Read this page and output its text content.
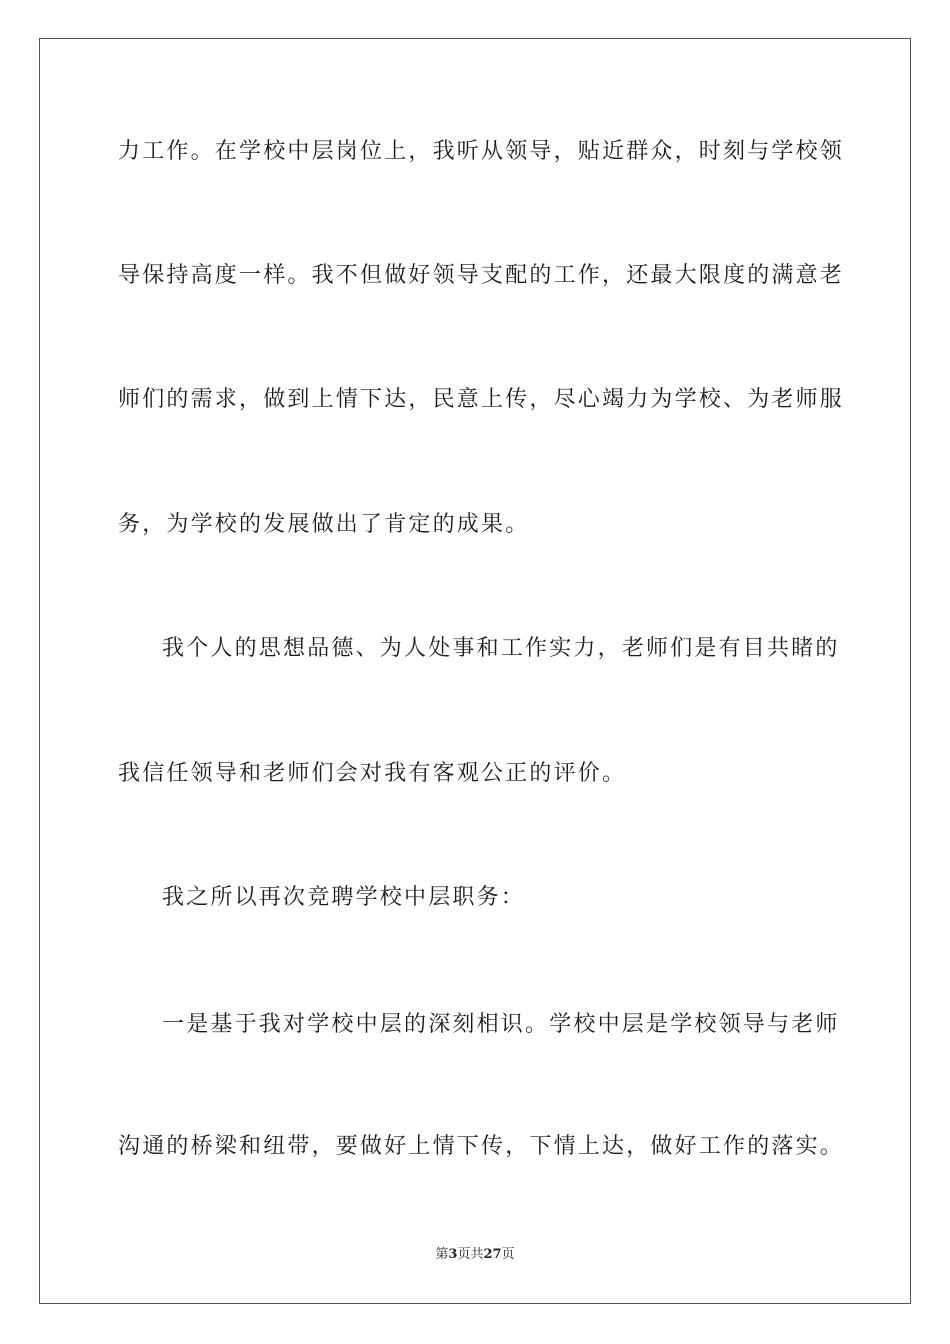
力工作。在学校中层岗位上，我听从领导，贴近群众，时刻与学校领
导保持高度一样。我不但做好领导支配的工作，还最大限度的满意老
师们的需求，做到上情下达，民意上传，尽心竭力为学校、为老师服
务，为学校的发展做出了肯定的成果。
我个人的思想品德、为人处事和工作实力，老师们是有目共睹的
我信任领导和老师们会对我有客观公正的评价。
我之所以再次竞聘学校中层职务：
一是基于我对学校中层的深刻相识。学校中层是学校领导与老师
沟通的桥梁和纽带，要做好上情下传，下情上达，做好工作的落实。
第3页共27页
